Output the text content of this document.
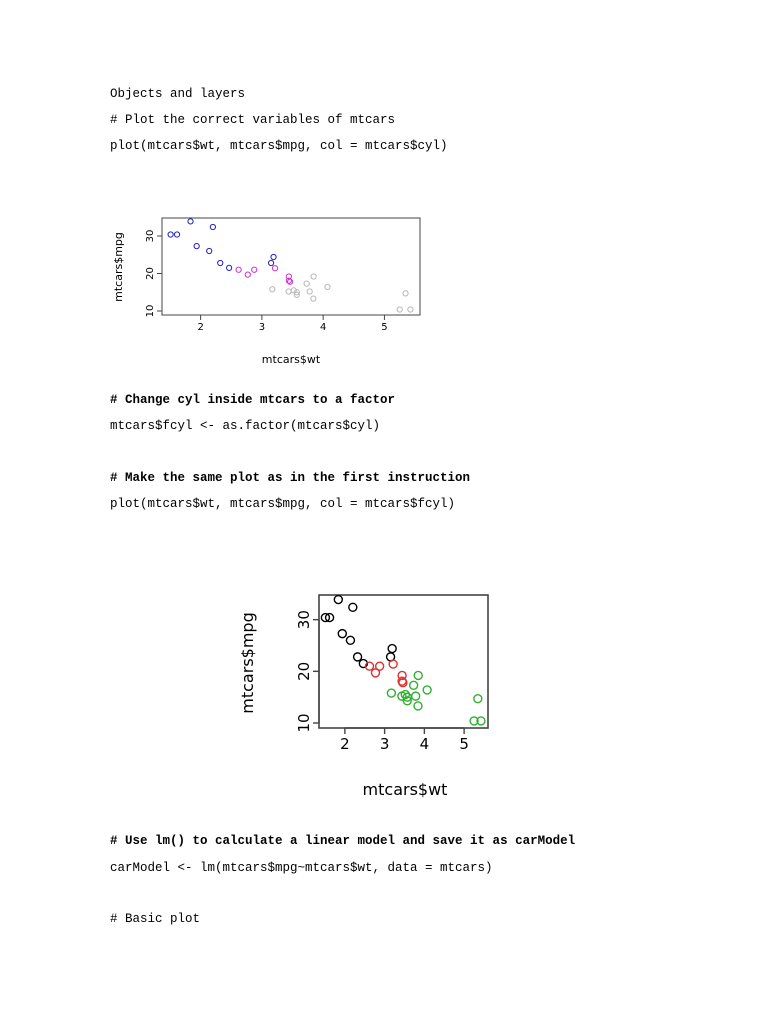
Objects and layers
# Plot the correct variables of mtcars
plot(mtcars$wt, mtcars$mpg, col = mtcars$cyl)
mtcars$wt
mtcars$mpg
2	3	4	5
10
20
30
# Change cyl inside mtcars to a factor
mtcars$fcyl <- as.factor(mtcars$cyl)
# Make the same plot as in the first instruction
plot(mtcars$wt, mtcars$mpg, col = mtcars$fcyl)
mtcars$wt
mtcars$mpg
2 3 4 5
10
20
30
# Use lm() to calculate a linear model and save it as carModel
carModel <- lm(mtcars$mpg~mtcars$wt, data = mtcars)
# Basic plot
